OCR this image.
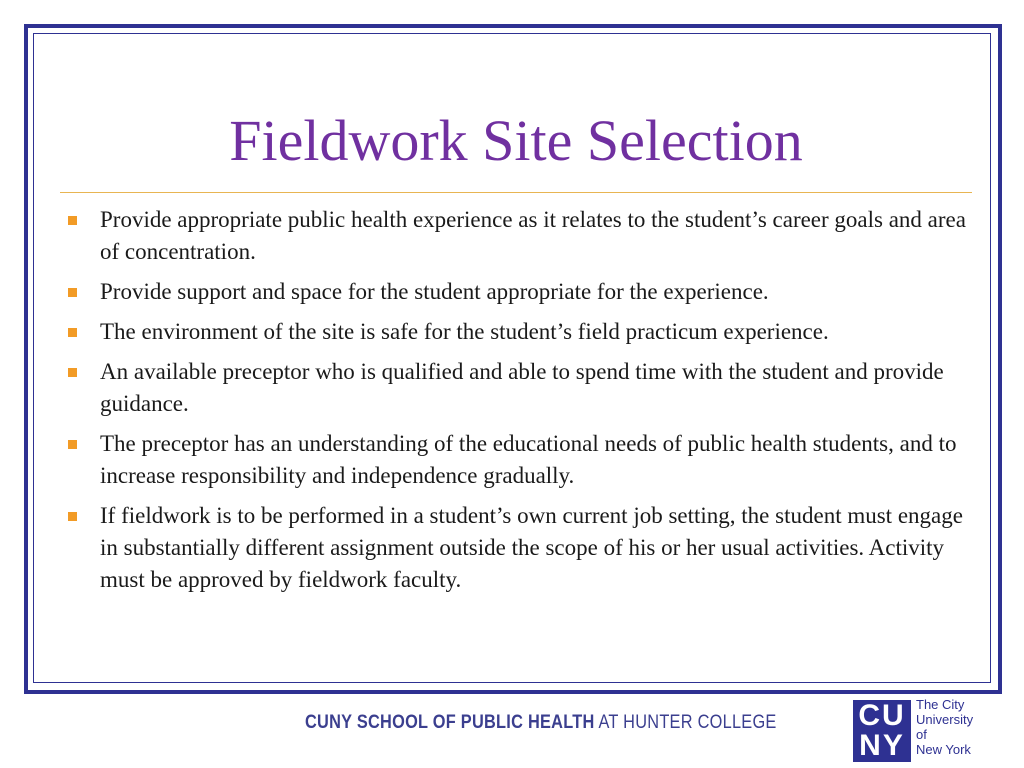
Fieldwork Site Selection
Provide appropriate public health experience as it relates to the student’s career goals and area of concentration.
Provide support and space for the student appropriate for the experience.
The environment of the site is safe for the student’s field practicum experience.
An available preceptor who is qualified and able to spend time with the student and provide guidance.
The preceptor has an understanding of the educational needs of public health students, and to increase responsibility and independence gradually.
If fieldwork is to be performed in a student’s own current job setting, the student must engage in substantially different assignment outside the scope of his or her usual activities. Activity must be approved by fieldwork faculty.
CUNY SCHOOL OF PUBLIC HEALTH AT HUNTER COLLEGE	CU
NY
The City
University
of
New York
